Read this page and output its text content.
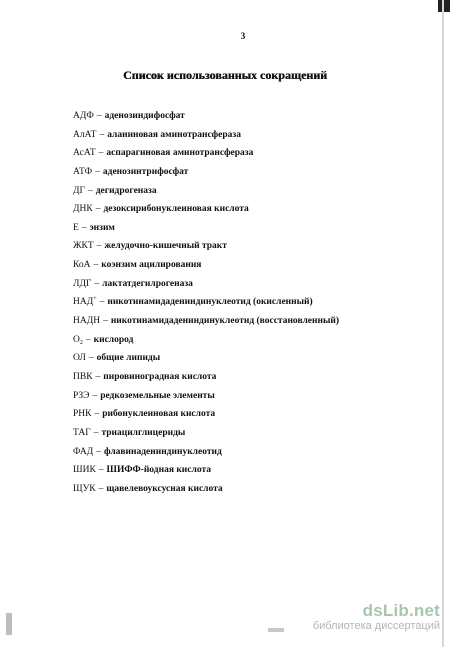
3
Список использованных сокращений
АДФ – аденозиндифосфат
АлАТ – аланиновая аминотрансфераза
АсАТ – аспарагиновая аминотрансфераза
АТФ – аденозинтрифосфат
ДГ – дегидрогеназа
ДНК – дезоксирибонуклеиновая кислота
Е – энзим
ЖКТ – желудочно-кишечный тракт
КоА – коэнзим ацилирования
ЛДГ – лактатдегилрогеназа
НАД+ – никотинамидадениндинуклеотид (окисленный)
НАДН – никотинамидадениндинуклеотид (восстановленный)
$О_2$ – кислород
ОЛ – общие липиды
ПВК – пировиноградная кислота
РЗЭ – редкоземельные элементы
РНК – рибонуклеиновая кислота
ТАГ – триацилглицериды
ФАД – флавинадениндинуклеотид
ШИК – ШИФФ-йодная кислота
ЩУК – щавелевоуксусная кислота
dsLib.net
библиотека диссертаций
